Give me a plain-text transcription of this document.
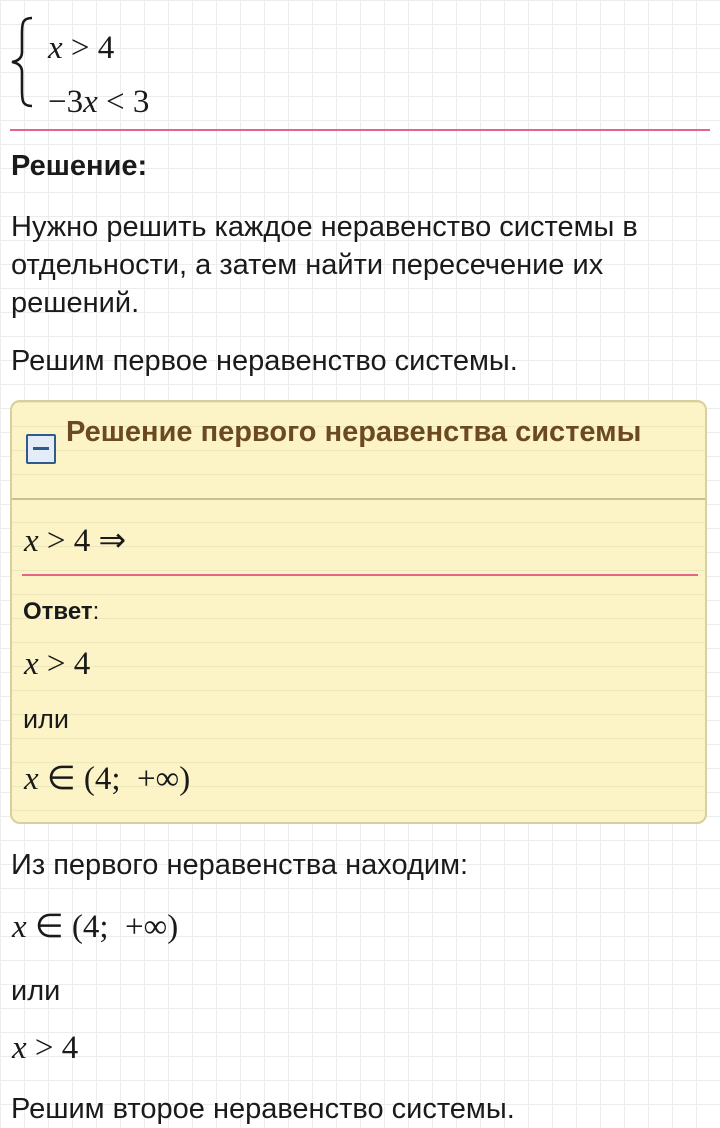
x > 4
−3x < 3
Решение:
Нужно решить каждое неравенство системы в отдельности, а затем найти пересечение их решений.
Решим первое неравенство системы.
Решение первого неравенства системы
x > 4 ⇒
Ответ:
x > 4
или
x ∈ (4;  +∞)
Из первого неравенства находим:
x ∈ (4;  +∞)
или
x > 4
Решим второе неравенство системы.
